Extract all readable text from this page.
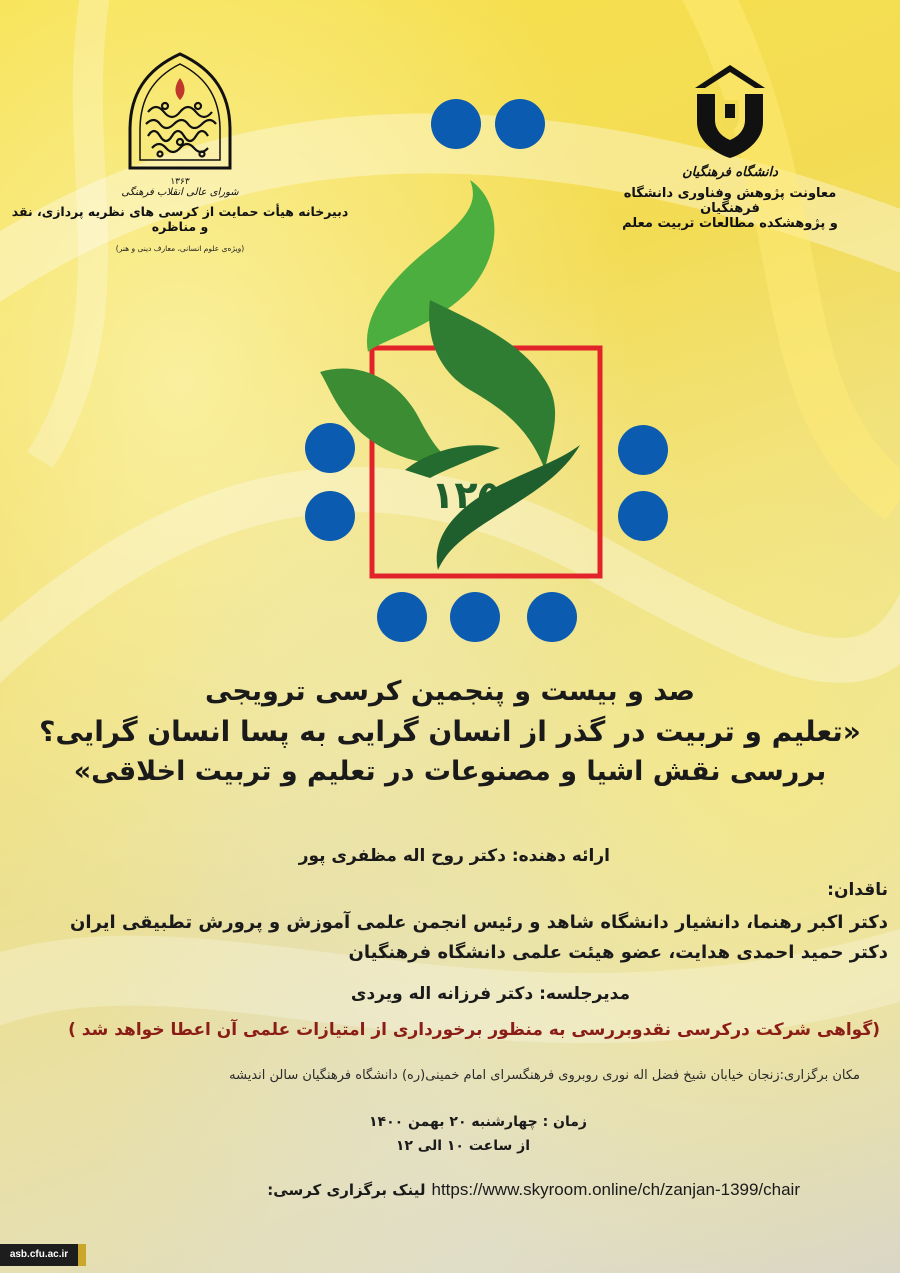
۱۳۶۳
شورای عالی انقلاب فرهنگی
دبیرخانه هیأت حمایت از کرسی های نظریه پردازی، نقد و مناظره
(ویژه‌ی علوم انسانی، معارف دینی و هنر)
دانشگاه فرهنگیان
معاونت پژوهش وفناوری دانشگاه فرهنگیان
و پژوهشکده مطالعات تربیت معلم
۱۲۵
صد و بیست و پنجمین کرسی ترویجی
«تعلیم و تربیت در گذر از انسان گرایی به پسا انسان گرایی؟
بررسی نقش اشیا و مصنوعات در تعلیم و تربیت اخلاقی»
ارائه دهنده: دکتر روح اله مظفری پور
ناقدان:
دکتر اکبر رهنما، دانشیار دانشگاه شاهد و رئیس انجمن علمی آموزش و پرورش تطبیقی ایران
دکتر حمید احمدی هدایت، عضو هیئت علمی دانشگاه فرهنگیان
مدیرجلسه: دکتر فرزانه اله ویردی
(گواهی شرکت درکرسی نقدوبررسی به منظور برخورداری از امتیازات علمی آن اعطا خواهد شد )
مکان برگزاری:زنجان خیابان شیخ فضل اله نوری روبروی فرهنگسرای امام خمینی(ره) دانشگاه فرهنگیان سالن اندیشه
زمان : چهارشنبه ۲۰ بهمن ۱۴۰۰
از ساعت ۱۰ الی ۱۲
لینک برگزاری کرسی: https://www.skyroom.online/ch/zanjan-1399/chair
asb.cfu.ac.ir
